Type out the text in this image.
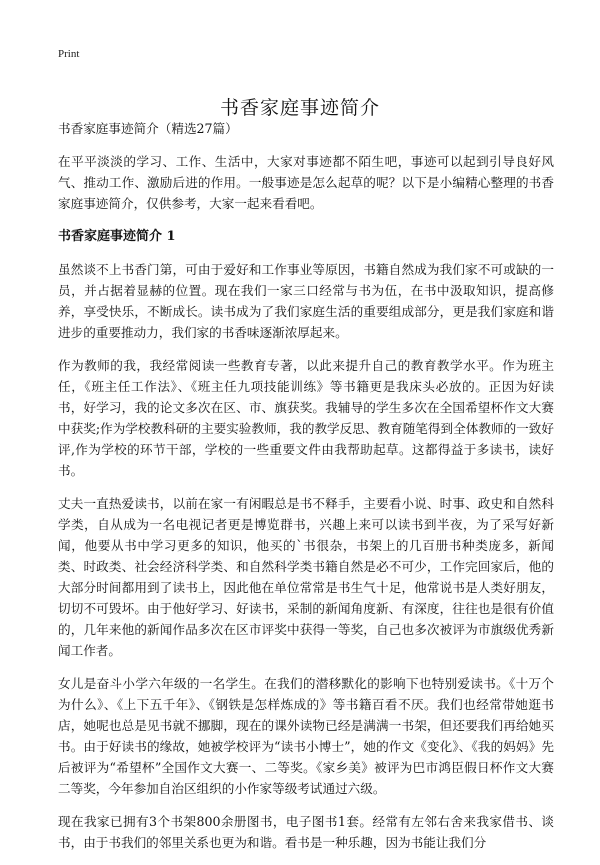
Print
书香家庭事迹简介

书香家庭事迹简介（精选27篇）

在平平淡淡的学习、工作、生活中，大家对事迹都不陌生吧，事迹可以起到引导良好风气、推动工作、激励后进的作用。一般事迹是怎么起草的呢？以下是小编精心整理的书香家庭事迹简介，仅供参考，大家一起来看看吧。

书香家庭事迹简介 1

虽然谈不上书香门第，可由于爱好和工作事业等原因，书籍自然成为我们家不可或缺的一员，并占据着显赫的位置。现在我们一家三口经常与书为伍，在书中汲取知识，提高修养，享受快乐，不断成长。读书成为了我们家庭生活的重要组成部分，更是我们家庭和谐进步的重要推动力，我们家的书香味逐渐浓厚起来。

作为教师的我，我经常阅读一些教育专著，以此来提升自己的教育教学水平。作为班主任，《班主任工作法》、《班主任九项技能训练》等书籍更是我床头必放的。正因为好读书，好学习，我的论文多次在区、市、旗获奖。我辅导的学生多次在全国希望杯作文大赛中获奖;作为学校教科研的主要实验教师，我的教学反思、教育随笔得到全体教师的一致好评,作为学校的环节干部，学校的一些重要文件由我帮助起草。这都得益于多读书，读好书。

丈夫一直热爱读书，以前在家一有闲暇总是书不释手，主要看小说、时事、政史和自然科学类，自从成为一名电视记者更是博览群书，兴趣上来可以读书到半夜，为了采写好新闻，他要从书中学习更多的知识，他买的`书很杂，书架上的几百册书种类庞多，新闻类、时政类、社会经济科学类、和自然科学类书籍自然是必不可少，工作完回家后，他的大部分时间都用到了读书上，因此他在单位常常是书生气十足，他常说书是人类好朋友，切切不可毁坏。由于他好学习、好读书，采制的新闻角度新、有深度，往往也是很有价值的，几年来他的新闻作品多次在区市评奖中获得一等奖，自己也多次被评为市旗级优秀新闻工作者。

女儿是奋斗小学六年级的一名学生。在我们的潜移默化的影响下也特别爱读书。《十万个为什么》、《上下五千年》、《钢铁是怎样炼成的》等书籍百看不厌。我们也经常带她逛书店，她呢也总是见书就不挪脚，现在的课外读物已经是满满一书架，但还要我们再给她买书。由于好读书的缘故，她被学校评为“读书小博士”，她的作文《变化》、《我的妈妈》先后被评为“希望杯”全国作文大赛一、二等奖。《家乡美》被评为巴市鸿臣假日杯作文大赛二等奖，今年参加自治区组织的小作家等级考试通过六级。

现在我家已拥有3个书架800余册图书，电子图书1套。经常有左邻右舍来我家借书、谈书，由于书我们的邻里关系也更为和谐。看书是一种乐趣，因为书能让我们分
